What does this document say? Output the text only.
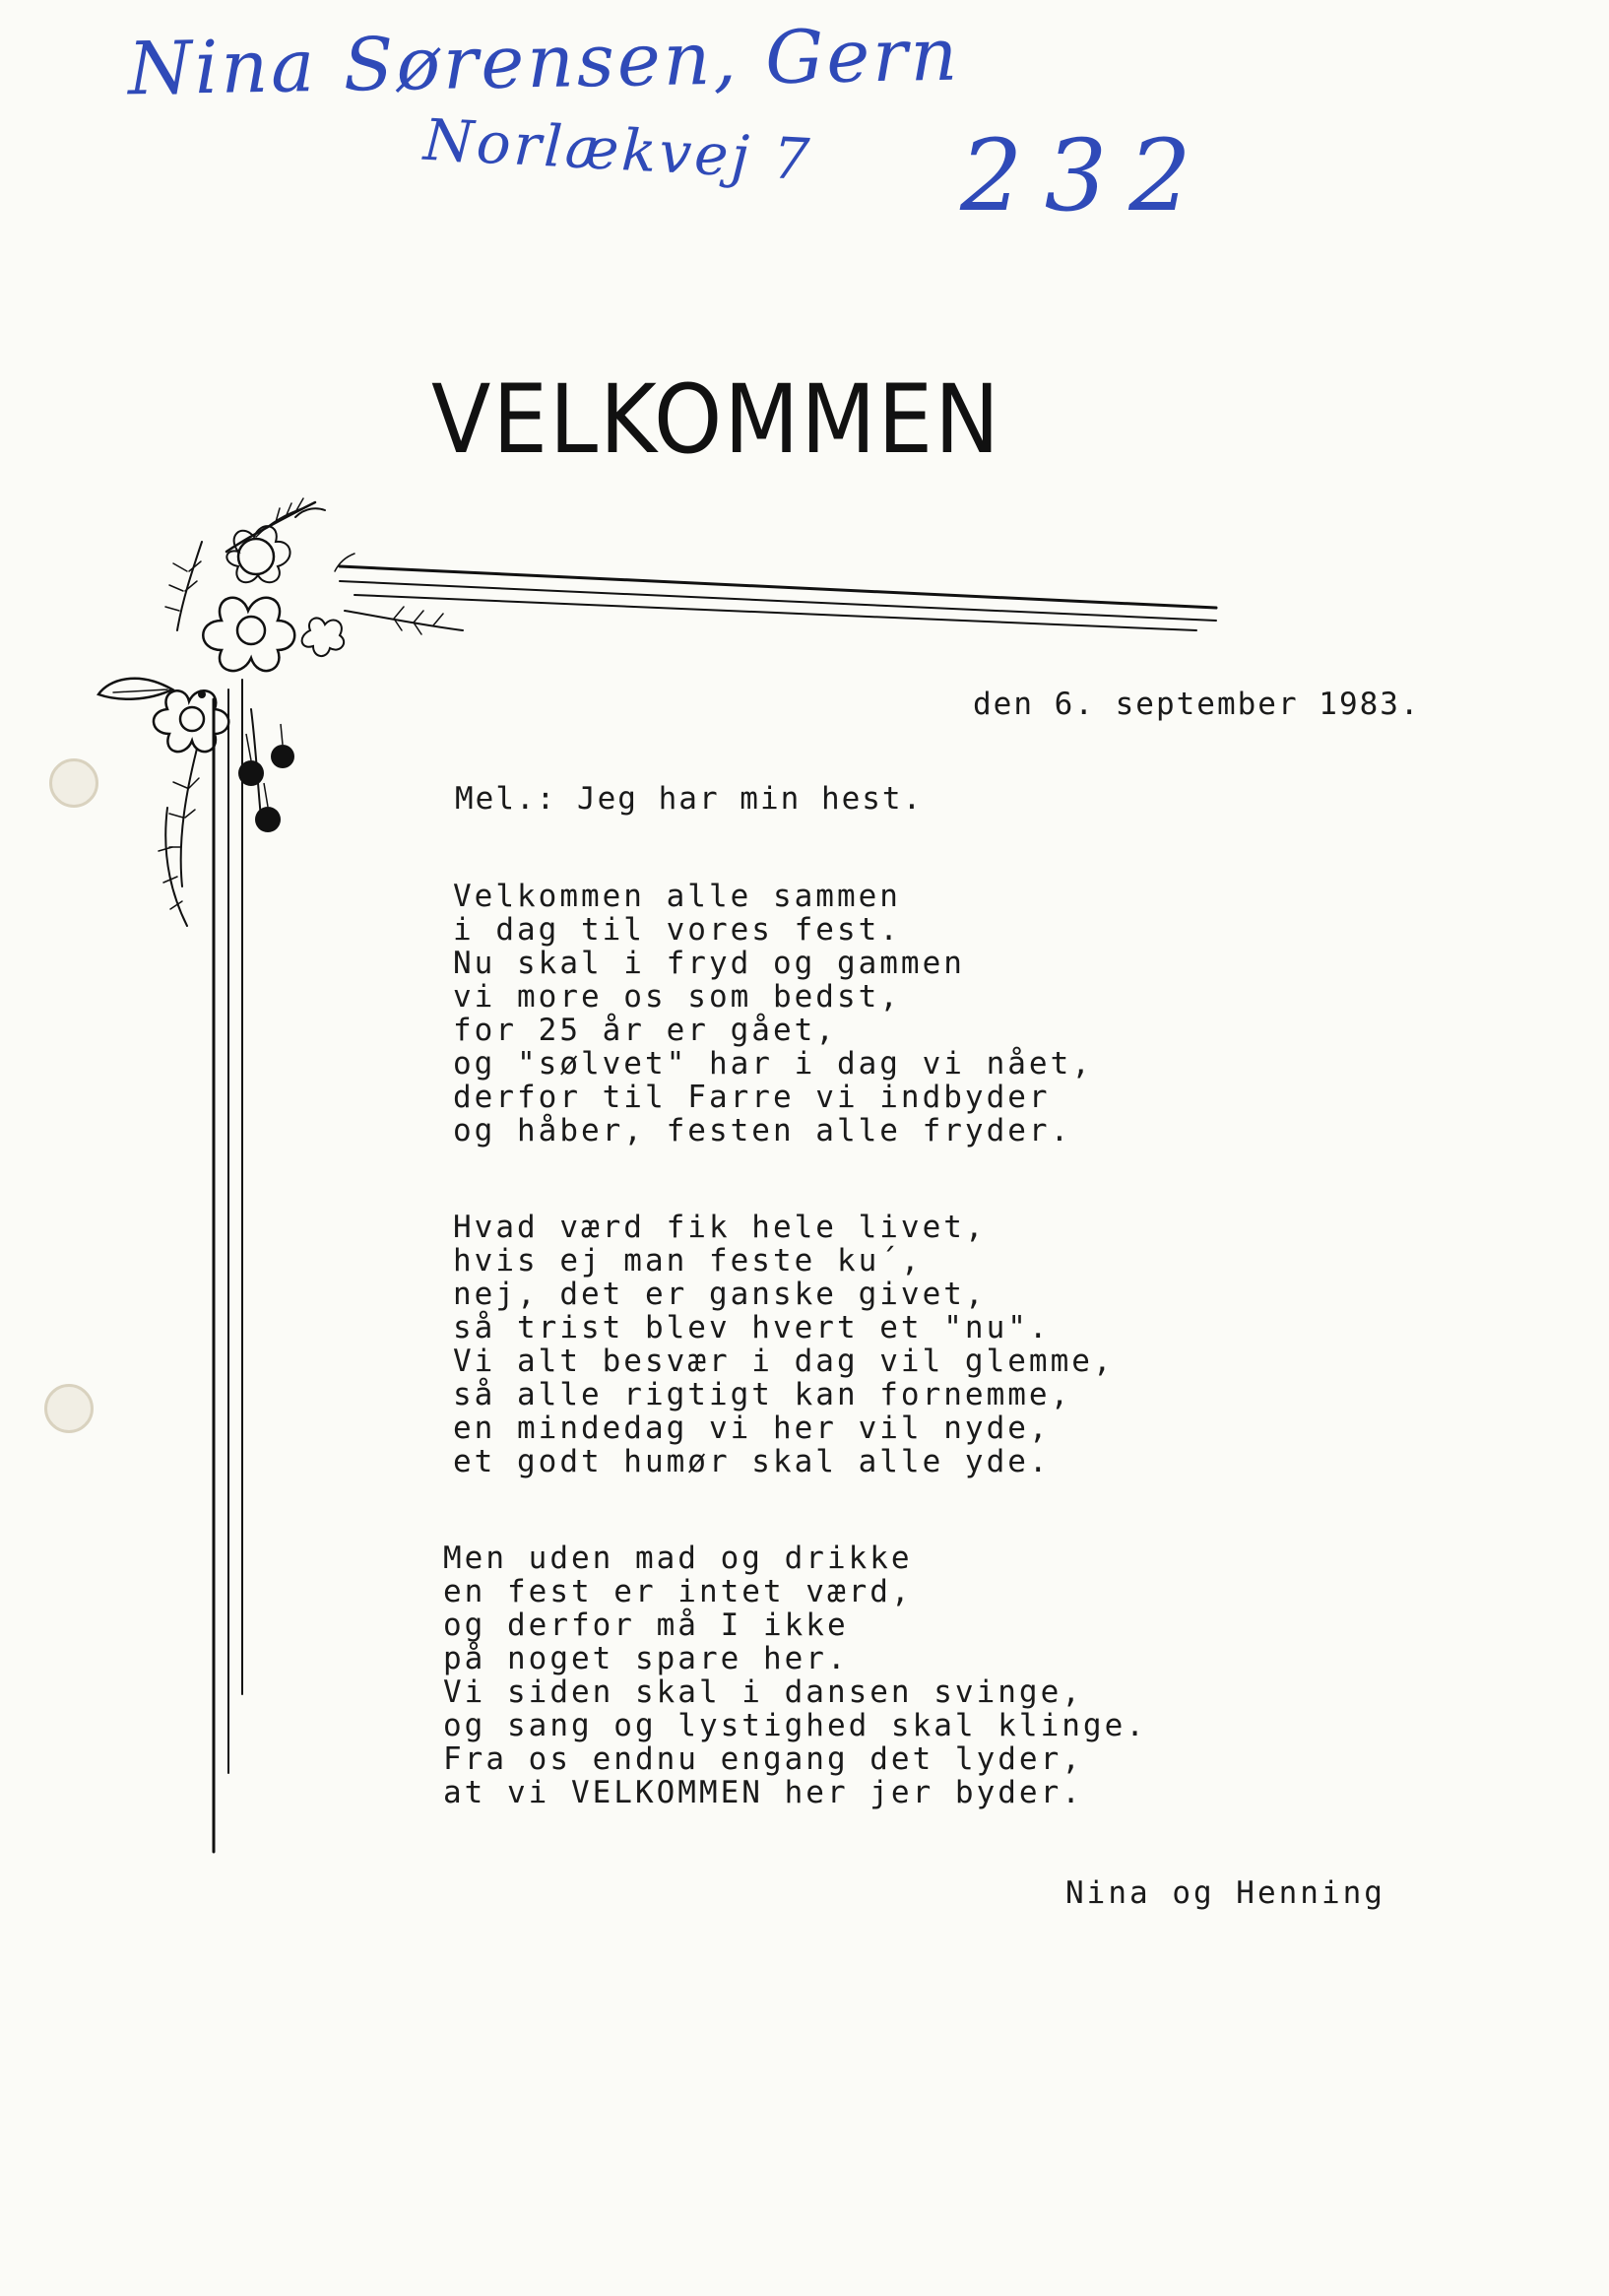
Nina Sørensen, Gern
Norlækvej 7 232
VELKOMMEN
den 6. september 1983.
Mel.: Jeg har min hest.
Velkommen alle sammen
i dag til vores fest.
Nu skal i fryd og gammen
vi more os som bedst,
for 25 år er gået,
og "sølvet" har i dag vi nået,
derfor til Farre vi indbyder
og håber, festen alle fryder.
Hvad værd fik hele livet,
hvis ej man feste ku´,
nej, det er ganske givet,
så trist blev hvert et "nu".
Vi alt besvær i dag vil glemme,
så alle rigtigt kan fornemme,
en mindedag vi her vil nyde,
et godt humør skal alle yde.
Men uden mad og drikke
en fest er intet værd,
og derfor må I ikke
på noget spare her.
Vi siden skal i dansen svinge,
og sang og lystighed skal klinge.
Fra os endnu engang det lyder,
at vi VELKOMMEN her jer byder.
Nina og Henning
